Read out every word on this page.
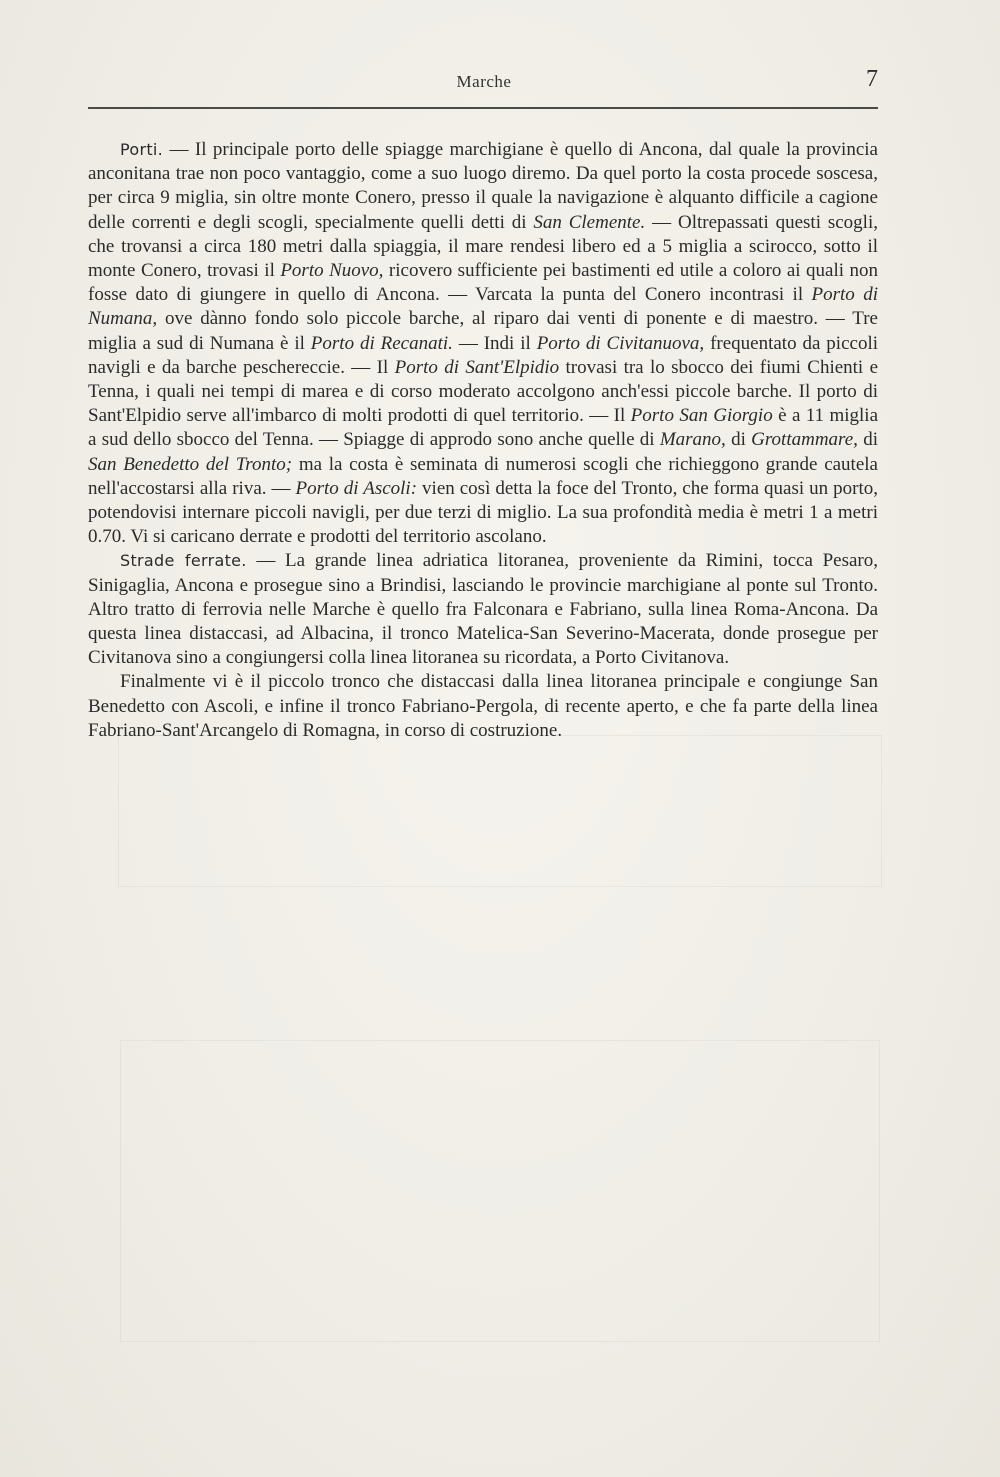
Marche	7

Porti. — Il principale porto delle spiagge marchigiane è quello di Ancona, dal quale la provincia anconitana trae non poco vantaggio, come a suo luogo diremo. Da quel porto la costa procede soscesa, per circa 9 miglia, sin oltre monte Conero, presso il quale la navigazione è alquanto difficile a cagione delle correnti e degli scogli, specialmente quelli detti di San Clemente. — Oltrepassati questi scogli, che trovansi a circa 180 metri dalla spiaggia, il mare rendesi libero ed a 5 miglia a scirocco, sotto il monte Conero, trovasi il Porto Nuovo, ricovero sufficiente pei bastimenti ed utile a coloro ai quali non fosse dato di giungere in quello di Ancona. — Varcata la punta del Conero incontrasi il Porto di Numana, ove dànno fondo solo piccole barche, al riparo dai venti di ponente e di maestro. — Tre miglia a sud di Numana è il Porto di Recanati. — Indi il Porto di Civitanuova, frequentato da piccoli navigli e da barche peschereccie. — Il Porto di Sant'Elpidio trovasi tra lo sbocco dei fiumi Chienti e Tenna, i quali nei tempi di marea e di corso moderato accolgono anch'essi piccole barche. Il porto di Sant'Elpidio serve all'imbarco di molti prodotti di quel territorio. — Il Porto San Giorgio è a 11 miglia a sud dello sbocco del Tenna. — Spiagge di approdo sono anche quelle di Marano, di Grottammare, di San Benedetto del Tronto; ma la costa è seminata di numerosi scogli che richieggono grande cautela nell'accostarsi alla riva. — Porto di Ascoli: vien così detta la foce del Tronto, che forma quasi un porto, potendovisi internare piccoli navigli, per due terzi di miglio. La sua profondità media è metri 1 a metri 0.70. Vi si caricano derrate e prodotti del territorio ascolano.

Strade ferrate. — La grande linea adriatica litoranea, proveniente da Rimini, tocca Pesaro, Sinigaglia, Ancona e prosegue sino a Brindisi, lasciando le provincie marchigiane al ponte sul Tronto. Altro tratto di ferrovia nelle Marche è quello fra Falconara e Fabriano, sulla linea Roma-Ancona. Da questa linea distaccasi, ad Albacina, il tronco Matelica-San Severino-Macerata, donde prosegue per Civitanova sino a congiungersi colla linea litoranea su ricordata, a Porto Civitanova.

Finalmente vi è il piccolo tronco che distaccasi dalla linea litoranea principale e congiunge San Benedetto con Ascoli, e infine il tronco Fabriano-Pergola, di recente aperto, e che fa parte della linea Fabriano-Sant'Arcangelo di Romagna, in corso di costruzione.
